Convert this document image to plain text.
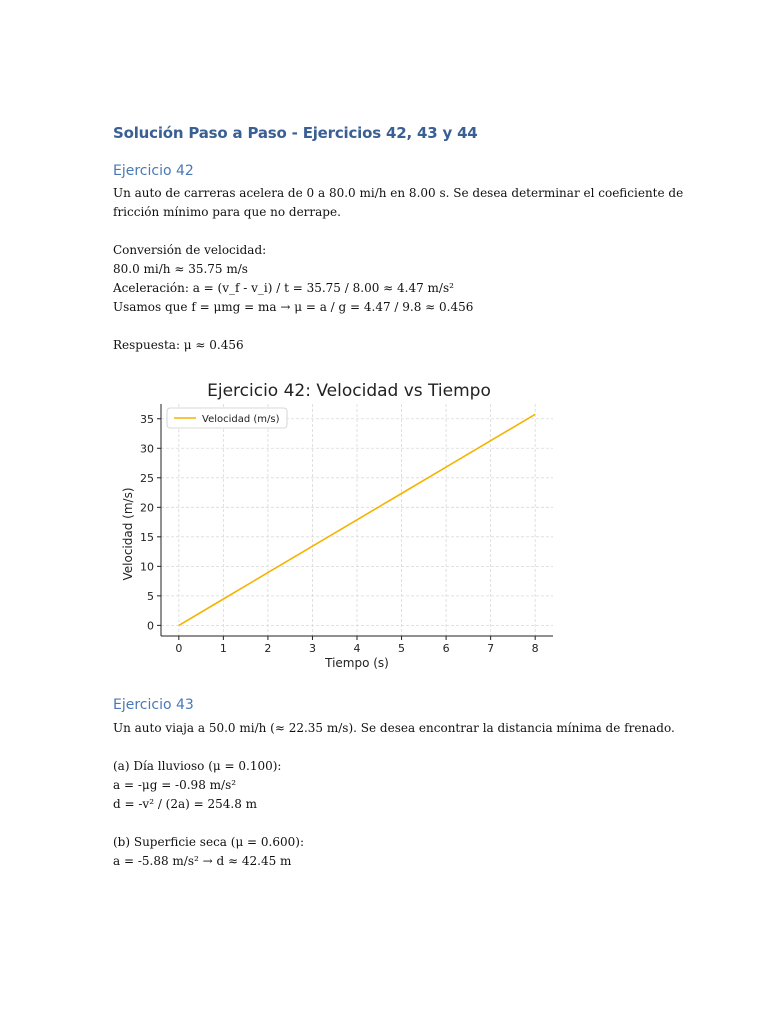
Solución Paso a Paso - Ejercicios 42, 43 y 44
Ejercicio 42
Un auto de carreras acelera de 0 a 80.0 mi/h en 8.00 s. Se desea determinar el coeficiente de
fricción mínimo para que no derrape.
Conversión de velocidad:
80.0 mi/h ≈ 35.75 m/s
Aceleración: a = (v_f - v_i) / t = 35.75 / 8.00 ≈ 4.47 m/s²
Usamos que f = μmg = ma → μ = a / g = 4.47 / 9.8 ≈ 0.456
Respuesta: μ ≈ 0.456
Ejercicio 42: Velocidad vs Tiempo
0	1	2	3	4	5	6	7	8
0
5
10
15
20
25
30
35	Velocidad (m/s)
Tiempo (s)
Velocidad (m/s)
Ejercicio 43
Un auto viaja a 50.0 mi/h (≈ 22.35 m/s). Se desea encontrar la distancia mínima de frenado.
(a) Día lluvioso (μ = 0.100):
a = -μg = -0.98 m/s²
d = -v² / (2a) = 254.8 m
(b) Superficie seca (μ = 0.600):
a = -5.88 m/s² → d ≈ 42.45 m
